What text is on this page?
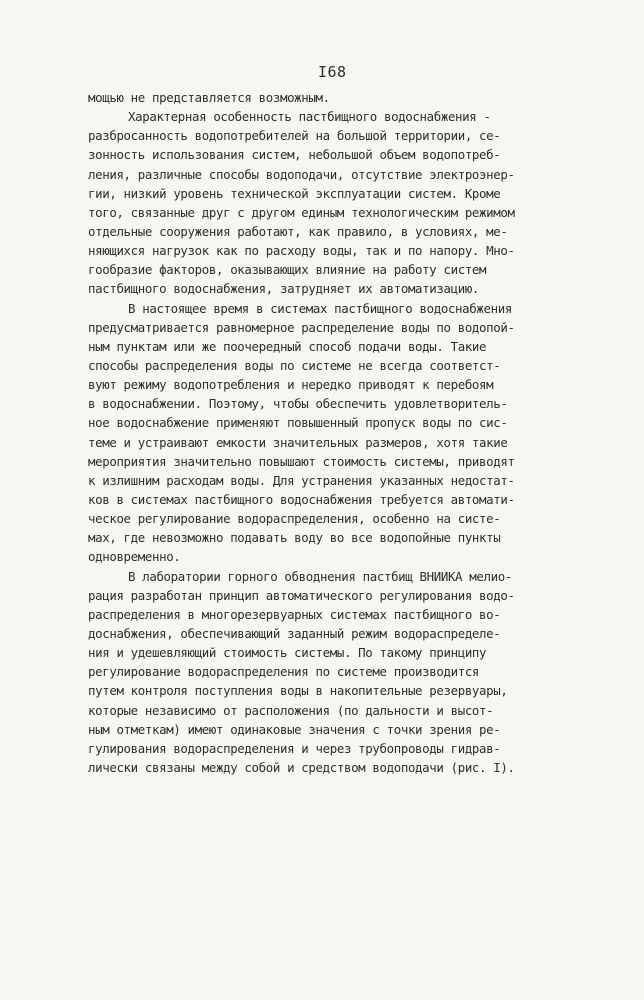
I68
мощью не представляется возможным.
Характерная особенность пастбищного водоснабжения -
разбросанность водопотребителей на большой территории, се-
зонность использования систем, небольшой объем водопотреб-
ления, различные способы водоподачи, отсутствие электроэнер-
гии, низкий уровень технической эксплуатации систем. Кроме
того, связанные друг с другом единым технологическим режимом
отдельные сооружения работают, как правило, в условиях, ме-
няющихся нагрузок как по расходу воды, так и по напору. Мно-
гообразие факторов, оказывающих влияние на работу систем
пастбищного водоснабжения, затрудняет их автоматизацию.
В настоящее время в системах пастбищного водоснабжения
предусматривается равномерное распределение воды по водопой-
ным пунктам или же поочередный способ подачи воды. Такие
способы распределения воды по системе не всегда соответст-
вуют режиму водопотребления и нередко приводят к перебоям
в водоснабжении. Поэтому, чтобы обеспечить удовлетворитель-
ное водоснабжение применяют повышенный пропуск воды по сис-
теме и устраивают емкости значительных размеров, хотя такие
мероприятия значительно повышают стоимость системы, приводят
к излишним расходам воды. Для устранения указанных недостат-
ков в системах пастбищного водоснабжения требуется автомати-
ческое регулирование водораспределения, особенно на систе-
мах, где невозможно подавать воду во все водопойные пункты
одновременно.
В лаборатории горного обводнения пастбищ ВНИИКА мелио-
рация разработан принцип автоматического регулирования водо-
распределения в многорезервуарных системах пастбищного во-
доснабжения, обеспечивающий заданный режим водораспределе-
ния и удешевляющий стоимость системы. По такому принципу
регулирование водораспределения по системе производится
путем контроля поступления воды в накопительные резервуары,
которые независимо от расположения (по дальности и высот-
ным отметкам) имеют одинаковые значения с точки зрения ре-
гулирования водораспределения и через трубопроводы гидрав-
лически связаны между собой и средством водоподачи (рис. I).
